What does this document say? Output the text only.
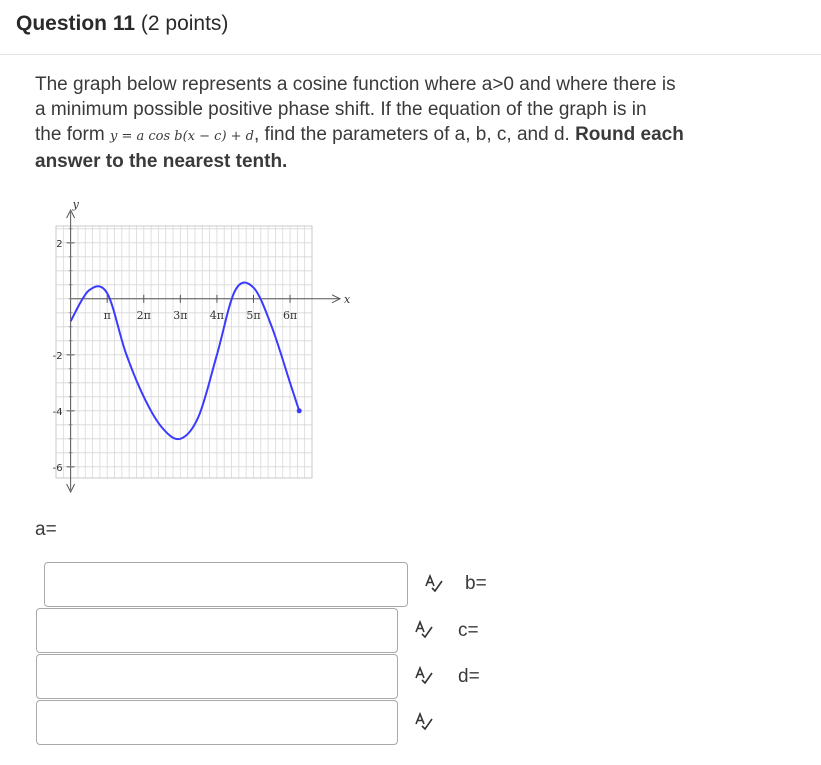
Question 11 (2 points)
The graph below represents a cosine function where a>0 and where there is
a minimum possible positive phase shift. If the equation of the graph is in
the form y = a cos b(x − c) + d, find the parameters of a, b, c, and d. Round each
answer to the nearest tenth.
y
x
π 2π 3π 4π 5π 6π
2
-2
-4
-6
a=
b=
c=
d=
